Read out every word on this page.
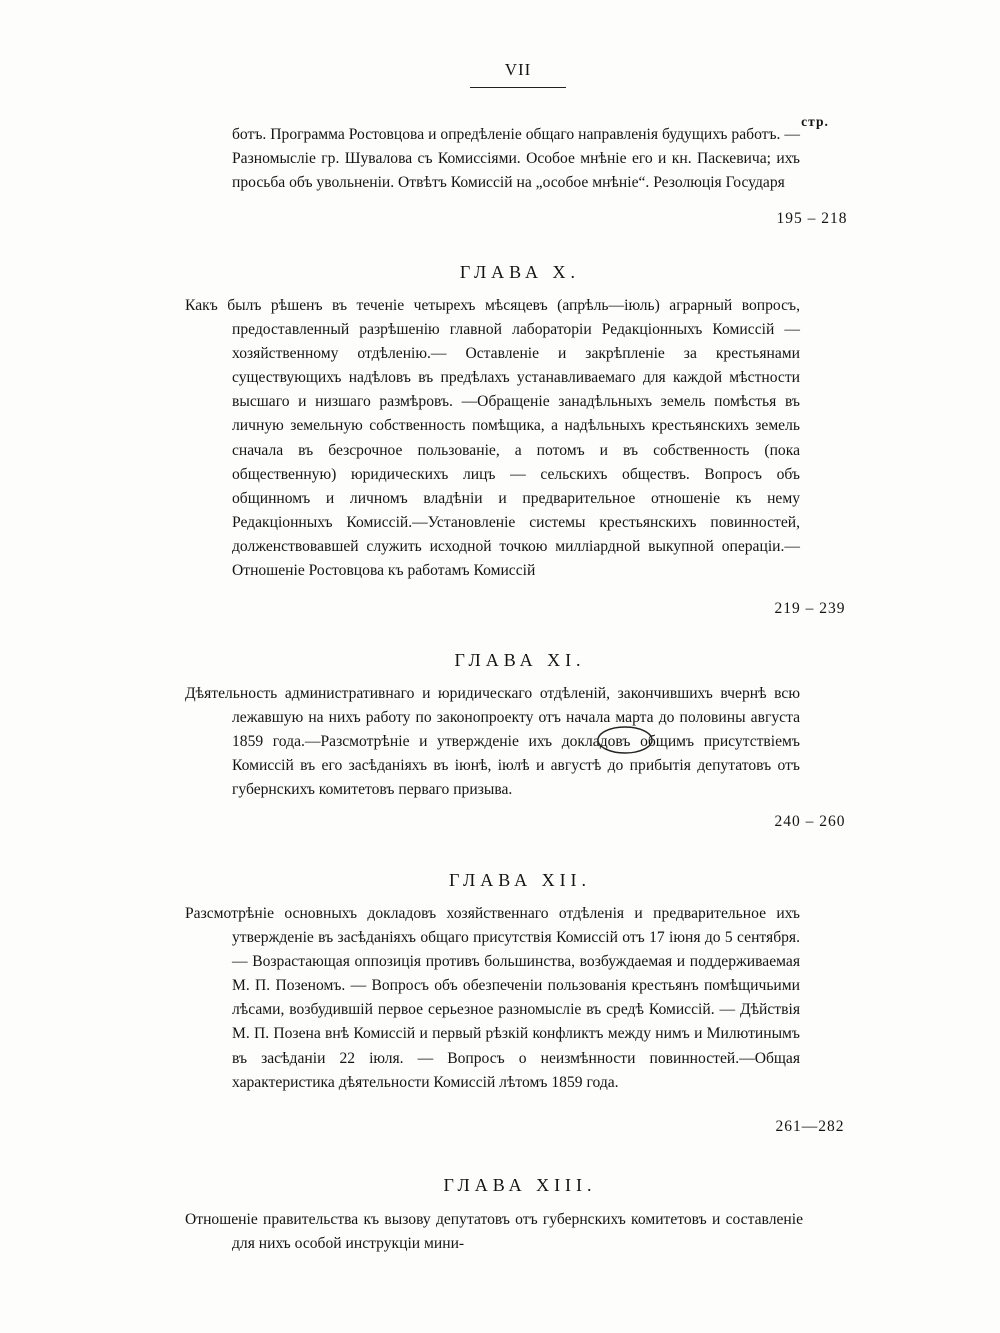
VII
стр.

ботъ. Программа Ростовцова и опредѣленіе общаго направленія будущихъ работъ. —Разномысліе гр. Шувалова съ Комиссіями. Особое мнѣніе его и кн. Паскевича; ихъ просьба объ увольненіи. Отвѣтъ Комиссій на „особое мнѣніе“. Резолюція Государя

195 – 218
ГЛАВА X.

Какъ былъ рѣшенъ въ теченіе четырехъ мѣсяцевъ (апрѣль—іюль) аграрный вопросъ, предоставленный разрѣшенію главной лабораторіи Редакціонныхъ Комиссій — хозяйственному отдѣленію.— Оставленіе и закрѣпленіе за крестьянами существующихъ надѣловъ въ предѣлахъ устанавливаемаго для каждой мѣстности высшаго и низшаго размѣровъ. —Обращеніе занадѣльныхъ земель помѣстья въ личную земельную собственность помѣщика, а надѣльныхъ крестьянскихъ земель сначала въ безсрочное пользованіе, а потомъ и въ собственность (пока общественную) юридическихъ лицъ — сельскихъ обществъ. Вопросъ объ общинномъ и личномъ владѣніи и предварительное отношеніе къ нему Редакціонныхъ Комиссій.—Установленіе системы крестьянскихъ повинностей, долженствовавшей служить исходной точкою милліардной выкупной операціи.—Отношеніе Ростовцова къ работамъ Комиссій

219 – 239
ГЛАВА XI.

Дѣятельность административнаго и юридическаго отдѣленій, закончившихъ вчернѣ всю лежавшую на нихъ работу по законопроекту отъ начала марта до половины августа 1859 года.—Разсмотрѣніе и утвержденіе ихъ докладовъ общимъ присутствіемъ Комиссій въ его засѣданіяхъ въ іюнѣ, іюлѣ и августѣ до прибытія депутатовъ отъ губернскихъ комитетовъ перваго призыва.

240 – 260
ГЛАВА XII.

Разсмотрѣніе основныхъ докладовъ хозяйственнаго отдѣленія и предварительное ихъ утвержденіе въ засѣданіяхъ общаго присутствія Комиссій отъ 17 іюня до 5 сентября. — Возрастающая оппозиція противъ большинства, возбуждаемая и поддерживаемая М. П. Позеномъ. — Вопросъ объ обезпеченіи пользованія крестьянъ помѣщичьими лѣсами, возбудившій первое серьезное разномысліе въ средѣ Комиссій. — Дѣйствія М. П. Позена внѣ Комиссій и первый рѣзкій конфликтъ между нимъ и Милютинымъ въ засѣданіи 22 іюля. — Вопросъ о неизмѣнности повинностей.—Общая характеристика дѣятельности Комиссій лѣтомъ 1859 года.

261—282
ГЛАВА XIII.

Отношеніе правительства къ вызову депутатовъ отъ губернскихъ комитетовъ и составленіе для нихъ особой инструкціи мини-
